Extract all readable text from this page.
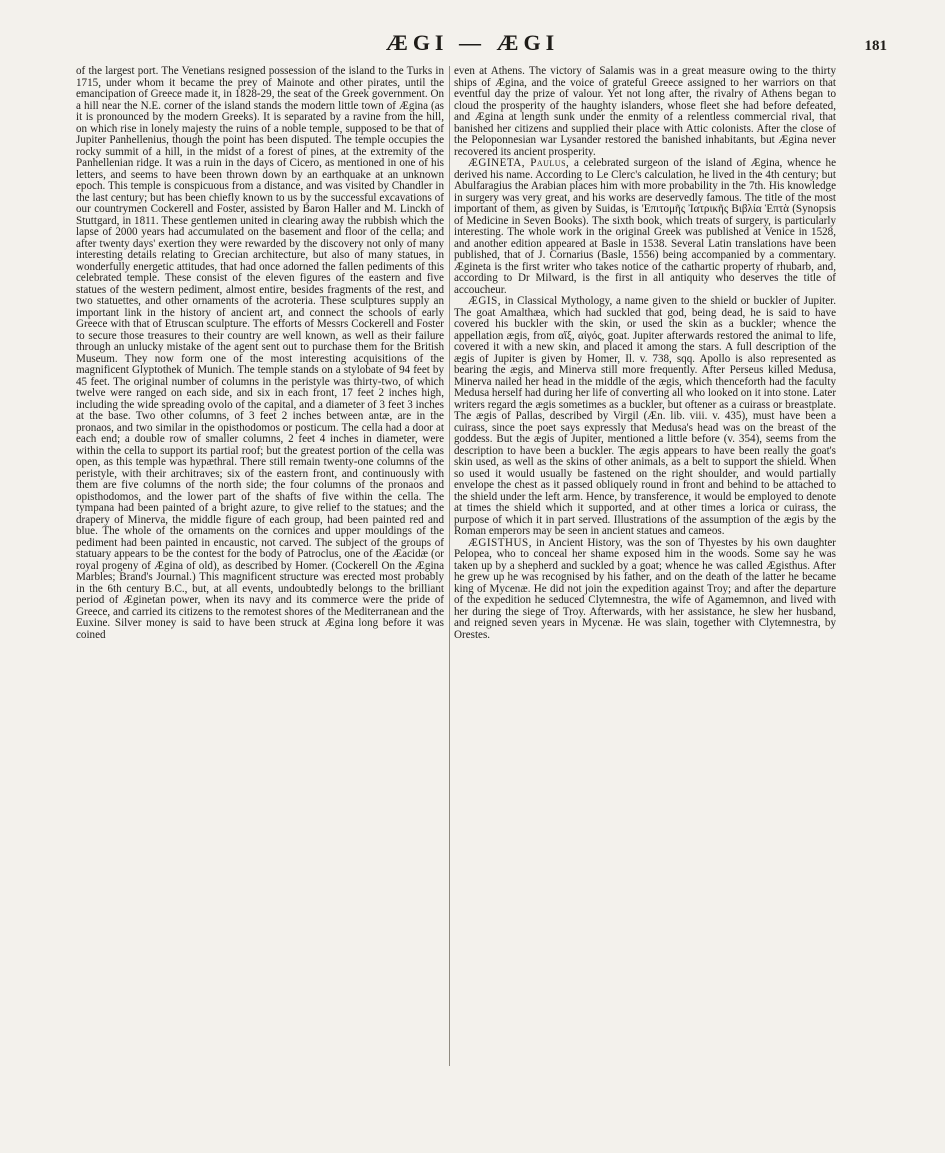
ÆGI — ÆGI	181

of the largest port. The Venetians resigned possession of the island to the Turks in 1715, under whom it became the prey of Mainote and other pirates, until the emancipation of Greece made it, in 1828-29, the seat of the Greek government. On a hill near the N.E. corner of the island stands the modern little town of Ægina (as it is pronounced by the modern Greeks). It is separated by a ravine from the hill, on which rise in lonely majesty the ruins of a noble temple, supposed to be that of Jupiter Panhellenius, though the point has been disputed. The temple occupies the rocky summit of a hill, in the midst of a forest of pines, at the extremity of the Panhellenian ridge. It was a ruin in the days of Cicero, as mentioned in one of his letters, and seems to have been thrown down by an earthquake at an unknown epoch. This temple is conspicuous from a distance, and was visited by Chandler in the last century; but has been chiefly known to us by the successful excavations of our countrymen Cockerell and Foster, assisted by Baron Haller and M. Linckh of Stuttgard, in 1811. These gentlemen united in clearing away the rubbish which the lapse of 2000 years had accumulated on the basement and floor of the cella; and after twenty days' exertion they were rewarded by the discovery not only of many interesting details relating to Grecian architecture, but also of many statues, in wonderfully energetic attitudes, that had once adorned the fallen pediments of this celebrated temple. These consist of the eleven figures of the eastern and five statues of the western pediment, almost entire, besides fragments of the rest, and two statuettes, and other ornaments of the acroteria. These sculptures supply an important link in the history of ancient art, and connect the schools of early Greece with that of Etruscan sculpture. The efforts of Messrs Cockerell and Foster to secure those treasures to their country are well known, as well as their failure through an unlucky mistake of the agent sent out to purchase them for the British Museum. They now form one of the most interesting acquisitions of the magnificent Glyptothek of Munich. The temple stands on a stylobate of 94 feet by 45 feet. The original number of columns in the peristyle was thirty-two, of which twelve were ranged on each side, and six in each front, 17 feet 2 inches high, including the wide spreading ovolo of the capital, and a diameter of 3 feet 3 inches at the base. Two other columns, of 3 feet 2 inches between antæ, are in the pronaos, and two similar in the opisthodomos or posticum. The cella had a door at each end; a double row of smaller columns, 2 feet 4 inches in diameter, were within the cella to support its partial roof; but the greatest portion of the cella was open, as this temple was hypæthral. There still remain twenty-one columns of the peristyle, with their architraves; six of the eastern front, and continuously with them are five columns of the north side; the four columns of the pronaos and opisthodomos, and the lower part of the shafts of five within the cella. The tympana had been painted of a bright azure, to give relief to the statues; and the drapery of Minerva, the middle figure of each group, had been painted red and blue. The whole of the ornaments on the cornices and upper mouldings of the pediment had been painted in encaustic, not carved. The subject of the groups of statuary appears to be the contest for the body of Patroclus, one of the Æacidæ (or royal progeny of Ægina of old), as described by Homer. (Cockerell On the Ægina Marbles; Brand's Journal.) This magnificent structure was erected most probably in the 6th century B.C., but, at all events, undoubtedly belongs to the brilliant period of Æginetan power, when its navy and its commerce were the pride of Greece, and carried its citizens to the remotest shores of the Mediterranean and the Euxine. Silver money is said to have been struck at Ægina long before it was coined

even at Athens. The victory of Salamis was in a great measure owing to the thirty ships of Ægina, and the voice of grateful Greece assigned to her warriors on that eventful day the prize of valour. Yet not long after, the rivalry of Athens began to cloud the prosperity of the haughty islanders, whose fleet she had before defeated, and Ægina at length sunk under the enmity of a relentless commercial rival, that banished her citizens and supplied their place with Attic colonists. After the close of the Peloponnesian war Lysander restored the banished inhabitants, but Ægina never recovered its ancient prosperity.

ÆGINETA, Paulus, a celebrated surgeon of the island of Ægina, whence he derived his name. According to Le Clerc's calculation, he lived in the 4th century; but Abulfaragius the Arabian places him with more probability in the 7th. His knowledge in surgery was very great, and his works are deservedly famous. The title of the most important of them, as given by Suidas, is 'Επιτομῆς Ἰατρικῆς Βιβλία Ἑπτὰ (Synopsis of Medicine in Seven Books). The sixth book, which treats of surgery, is particularly interesting. The whole work in the original Greek was published at Venice in 1528, and another edition appeared at Basle in 1538. Several Latin translations have been published, that of J. Cornarius (Basle, 1556) being accompanied by a commentary. Ægineta is the first writer who takes notice of the cathartic property of rhubarb, and, according to Dr Milward, is the first in all antiquity who deserves the title of accoucheur.

ÆGIS, in Classical Mythology, a name given to the shield or buckler of Jupiter. The goat Amalthæa, which had suckled that god, being dead, he is said to have covered his buckler with the skin, or used the skin as a buckler; whence the appellation ægis, from αἴξ, αἰγός, goat. Jupiter afterwards restored the animal to life, covered it with a new skin, and placed it among the stars. A full description of the ægis of Jupiter is given by Homer, Il. v. 738, sqq. Apollo is also represented as bearing the ægis, and Minerva still more frequently. After Perseus killed Medusa, Minerva nailed her head in the middle of the ægis, which thenceforth had the faculty Medusa herself had during her life of converting all who looked on it into stone. Later writers regard the ægis sometimes as a buckler, but oftener as a cuirass or breastplate. The ægis of Pallas, described by Virgil (Æn. lib. viii. v. 435), must have been a cuirass, since the poet says expressly that Medusa's head was on the breast of the goddess. But the ægis of Jupiter, mentioned a little before (v. 354), seems from the description to have been a buckler. The ægis appears to have been really the goat's skin used, as well as the skins of other animals, as a belt to support the shield. When so used it would usually be fastened on the right shoulder, and would partially envelope the chest as it passed obliquely round in front and behind to be attached to the shield under the left arm. Hence, by transference, it would be employed to denote at times the shield which it supported, and at other times a lorica or cuirass, the purpose of which it in part served. Illustrations of the assumption of the ægis by the Roman emperors may be seen in ancient statues and cameos.

ÆGISTHUS, in Ancient History, was the son of Thyestes by his own daughter Pelopea, who to conceal her shame exposed him in the woods. Some say he was taken up by a shepherd and suckled by a goat; whence he was called Ægisthus. After he grew up he was recognised by his father, and on the death of the latter he became king of Mycenæ. He did not join the expedition against Troy; and after the departure of the expedition he seduced Clytemnestra, the wife of Agamemnon, and lived with her during the siege of Troy. Afterwards, with her assistance, he slew her husband, and reigned seven years in Mycenæ. He was slain, together with Clytemnestra, by Orestes.
